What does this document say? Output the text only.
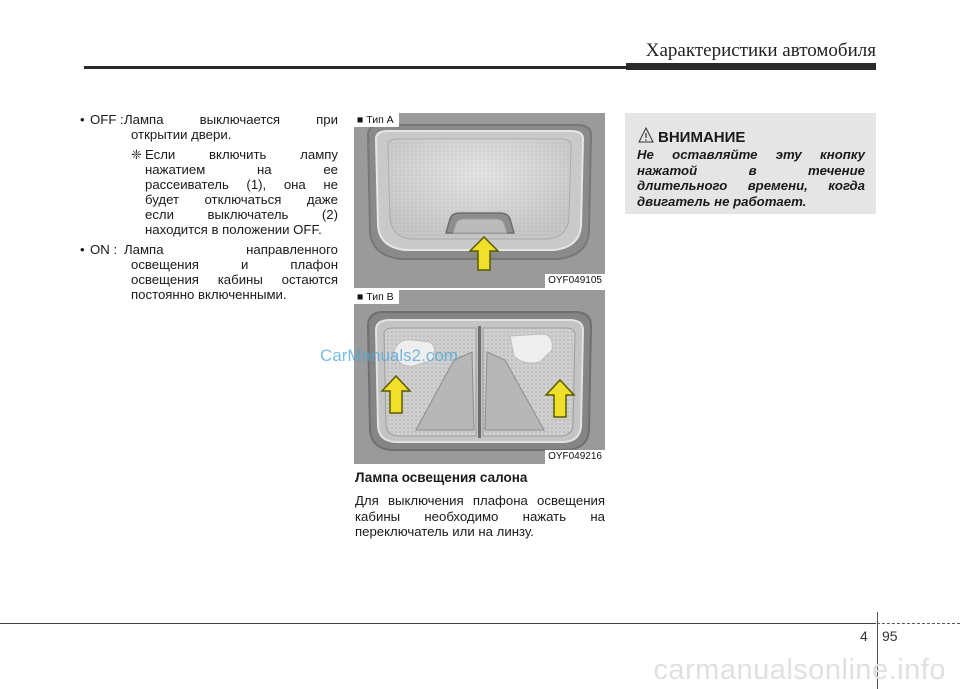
Характеристики автомобиля
• OFF : Лампа	выключается	при
открытии двери.
❈ Если включить лампу
нажатием на ее
рассеиватель (1), она не
будет отключаться даже
если выключатель (2)
находится в положении OFF.
• ON : Лампа	направленного
освещения и плафон
освещения кабины остаются
постоянно включенными.
■ Тип A
OYF049105
■ Тип B
OYF049216
CarManuals2.com
Лампа освещения салона
Для выключения плафона освещения
кабины необходимо нажать на
переключатель или на линзу.
ВНИМАНИЕ
Не оставляйте эту кнопку
нажатой в течение
длительного времени, когда
двигатель не работает.
4 95
carmanualsonline.info
